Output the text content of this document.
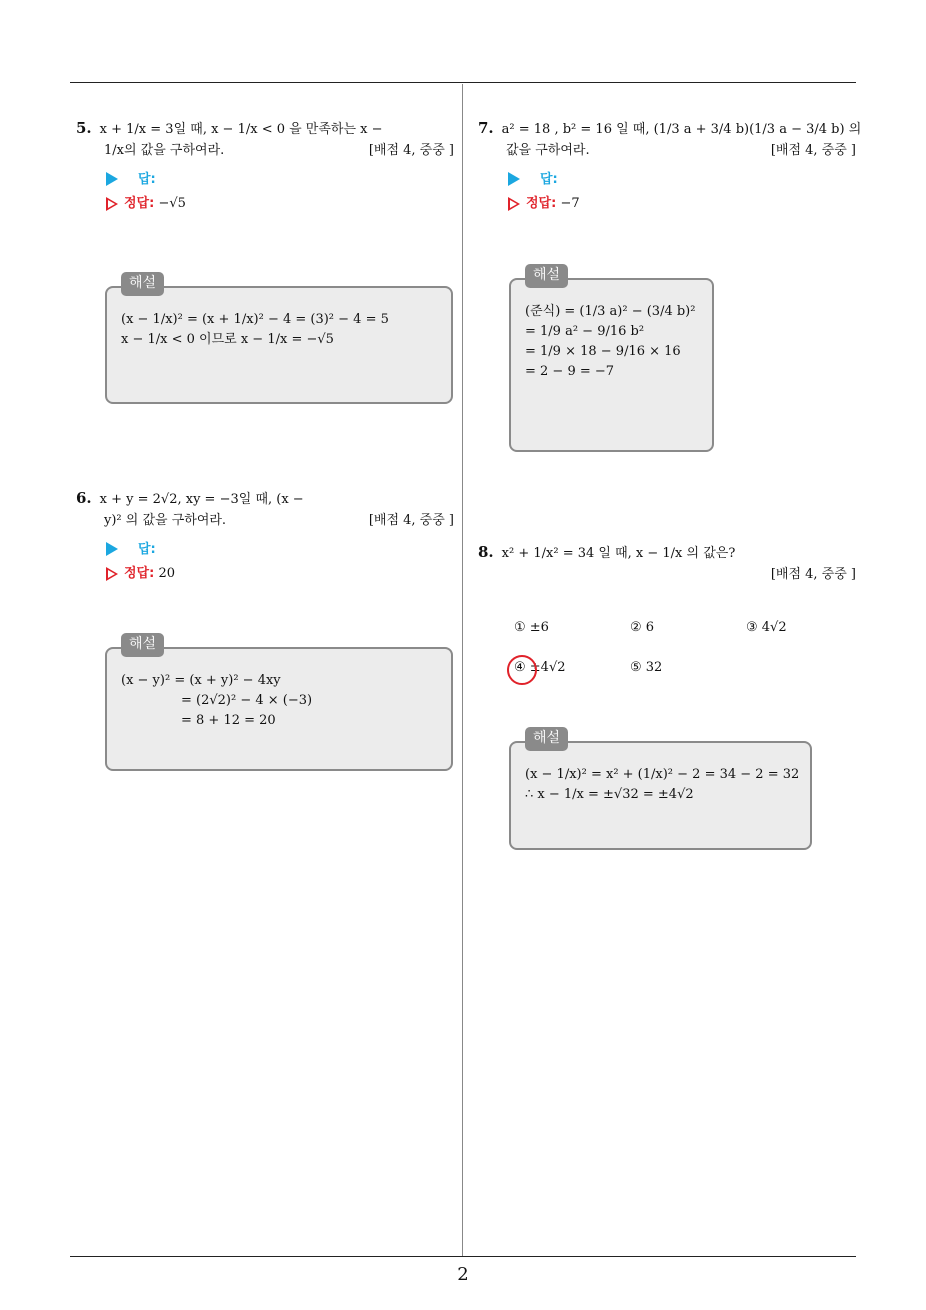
5. x + 1/x = 3일 때, x − 1/x < 0 을 만족하는 x −
1/x의 값을 구하여라.	[배점 4, 중중 ]
답:
정답: −√5
해설
(x − 1/x)² = (x + 1/x)² − 4 = (3)² − 4 = 5
x − 1/x < 0 이므로 x − 1/x = −√5
6. x + y = 2√2, xy = −3일 때, (x −
y)² 의 값을 구하여라.	[배점 4, 중중 ]
답:
정답: 20
해설
(x − y)² = (x + y)² − 4xy
= (2√2)² − 4 × (−3)
= 8 + 12 = 20
7. a² = 18 , b² = 16 일 때, (1/3 a + 3/4 b)(1/3 a − 3/4 b) 의
값을 구하여라.	[배점 4, 중중 ]
답:
정답: −7
해설
(준식) = (1/3 a)² − (3/4 b)²
= 1/9 a² − 9/16 b²
= 1/9 × 18 − 9/16 × 16
= 2 − 9 = −7
8. x² + 1/x² = 34 일 때, x − 1/x 의 값은?
[배점 4, 중중 ]
① ±6	② 6	③ 4√2
④ ±4√2	⑤ 32
해설
(x − 1/x)² = x² + (1/x)² − 2 = 34 − 2 = 32
∴ x − 1/x = ±√32 = ±4√2
2
